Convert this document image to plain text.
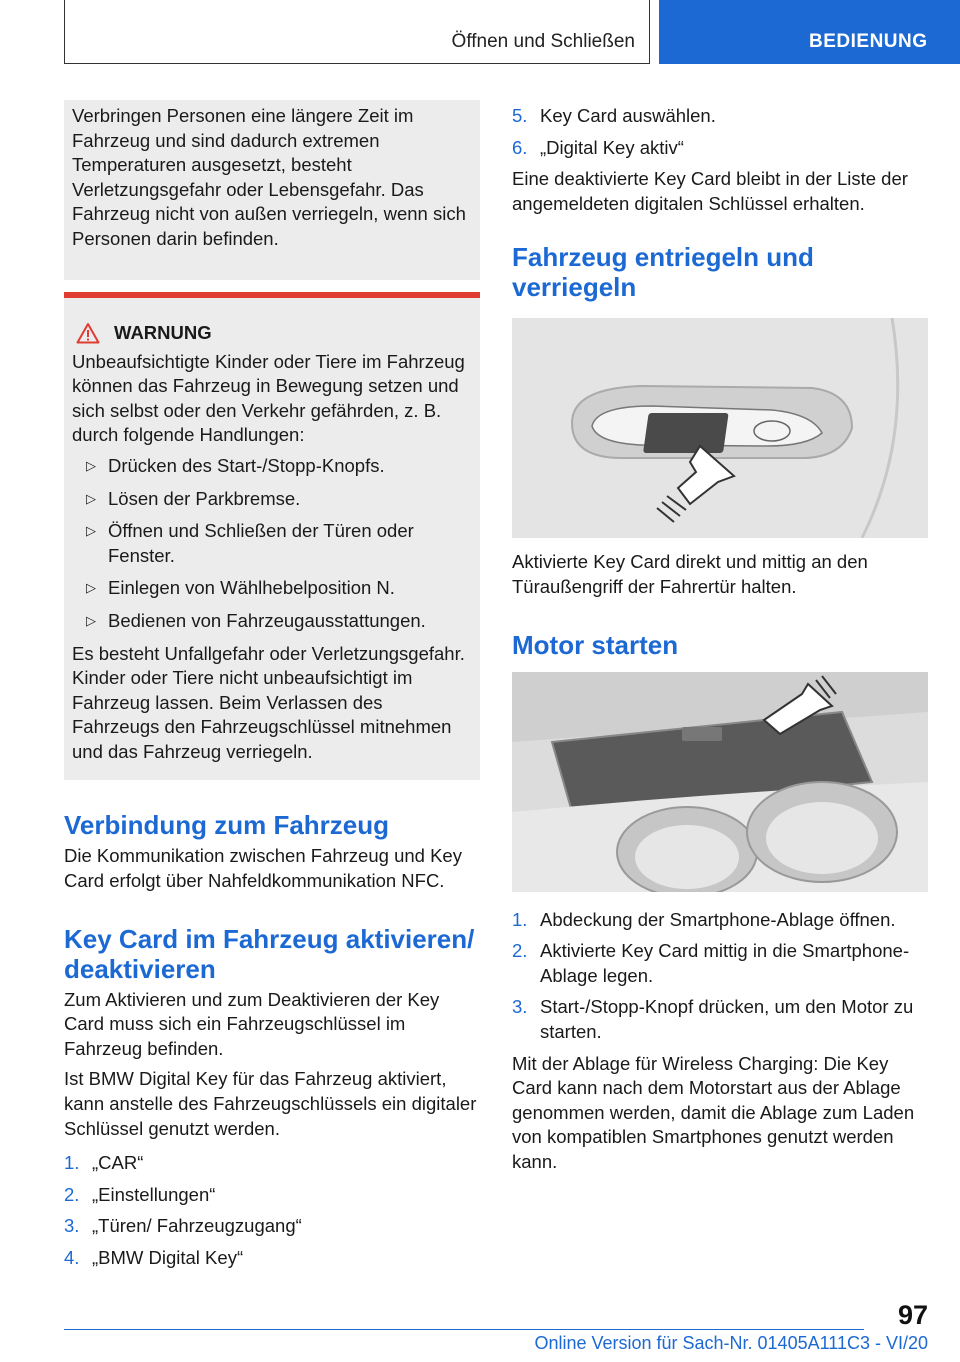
Öffnen und Schließen	BEDIENUNG

Verbringen Personen eine längere Zeit im Fahrzeug und sind dadurch extremen Temperaturen ausgesetzt, besteht Verletzungsgefahr oder Lebensgefahr. Das Fahrzeug nicht von außen verriegeln, wenn sich Personen darin befinden.

WARNUNG

Unbeaufsichtigte Kinder oder Tiere im Fahrzeug können das Fahrzeug in Bewegung setzen und sich selbst oder den Verkehr gefährden, z. B. durch folgende Handlungen:

▷ Drücken des Start-/Stopp-Knopfs.
▷ Lösen der Parkbremse.
▷ Öffnen und Schließen der Türen oder Fenster.
▷ Einlegen von Wählhebelposition N.
▷ Bedienen von Fahrzeugausstattungen.

Es besteht Unfallgefahr oder Verletzungsgefahr. Kinder oder Tiere nicht unbeaufsichtigt im Fahrzeug lassen. Beim Verlassen des Fahrzeugs den Fahrzeugschlüssel mitnehmen und das Fahrzeug verriegeln.

Verbindung zum Fahrzeug

Die Kommunikation zwischen Fahrzeug und Key Card erfolgt über Nahfeldkommunikation NFC.

Key Card im Fahrzeug aktivieren/ deaktivieren

Zum Aktivieren und zum Deaktivieren der Key Card muss sich ein Fahrzeugschlüssel im Fahrzeug befinden.

Ist BMW Digital Key für das Fahrzeug aktiviert, kann anstelle des Fahrzeugschlüssels ein digitaler Schlüssel genutzt werden.

1. „CAR“
2. „Einstellungen“
3. „Türen/ Fahrzeugzugang“
4. „BMW Digital Key“
5. Key Card auswählen.
6. „Digital Key aktiv“

Eine deaktivierte Key Card bleibt in der Liste der angemeldeten digitalen Schlüssel erhalten.

Fahrzeug entriegeln und verriegeln

Aktivierte Key Card direkt und mittig an den Türaußengriff der Fahrertür halten.

Motor starten
1. Abdeckung der Smartphone-Ablage öffnen.
2. Aktivierte Key Card mittig in die Smartphone-Ablage legen.
3. Start-/Stopp-Knopf drücken, um den Motor zu starten.

Mit der Ablage für Wireless Charging: Die Key Card kann nach dem Motorstart aus der Ablage genommen werden, damit die Ablage zum Laden von kompatiblen Smartphones genutzt werden kann.

97
Online Version für Sach-Nr. 01405A111C3 - VI/20
